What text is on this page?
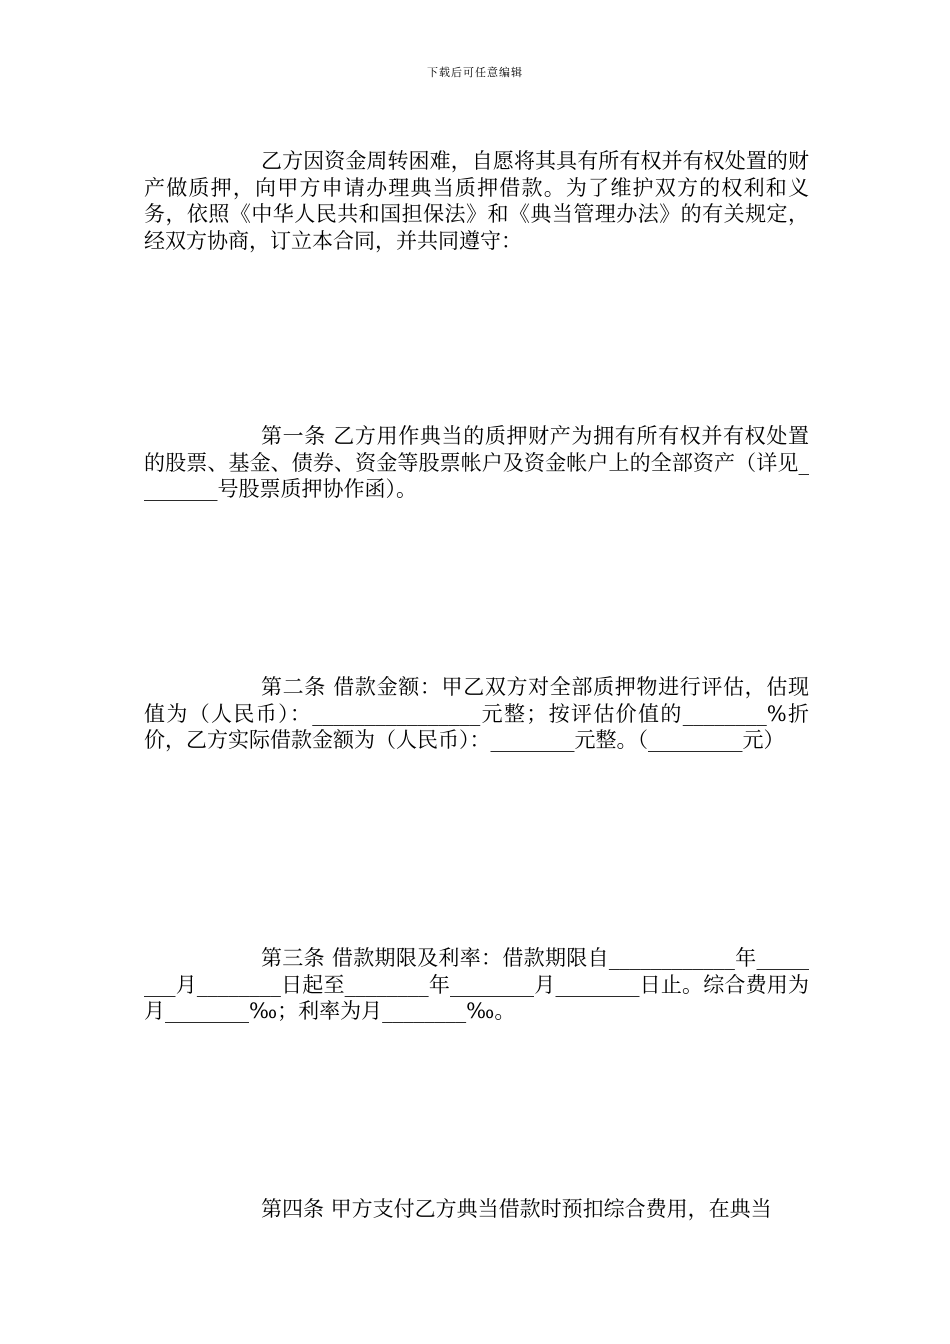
下载后可任意编辑

乙方因资金周转困难，自愿将其具有所有权并有权处置的财产做质押，向甲方申请办理典当质押借款。为了维护双方的权利和义务，依照《中华人民共和国担保法》和《典当管理办法》的有关规定，经双方协商，订立本合同，并共同遵守：

第一条 乙方用作典当的质押财产为拥有所有权并有权处置的股票、基金、债券、资金等股票帐户及资金帐户上的全部资产（详见________号股票质押协作函）。

第二条 借款金额：甲乙双方对全部质押物进行评估，估现值为（人民币）：________________元整；按评估价值的________%折价，乙方实际借款金额为（人民币）：________元整。（_________元）

第三条 借款期限及利率：借款期限自____________年________月________日起至________年________月________日止。综合费用为月________‰；利率为月________‰。

第四条 甲方支付乙方典当借款时预扣综合费用，在典当
